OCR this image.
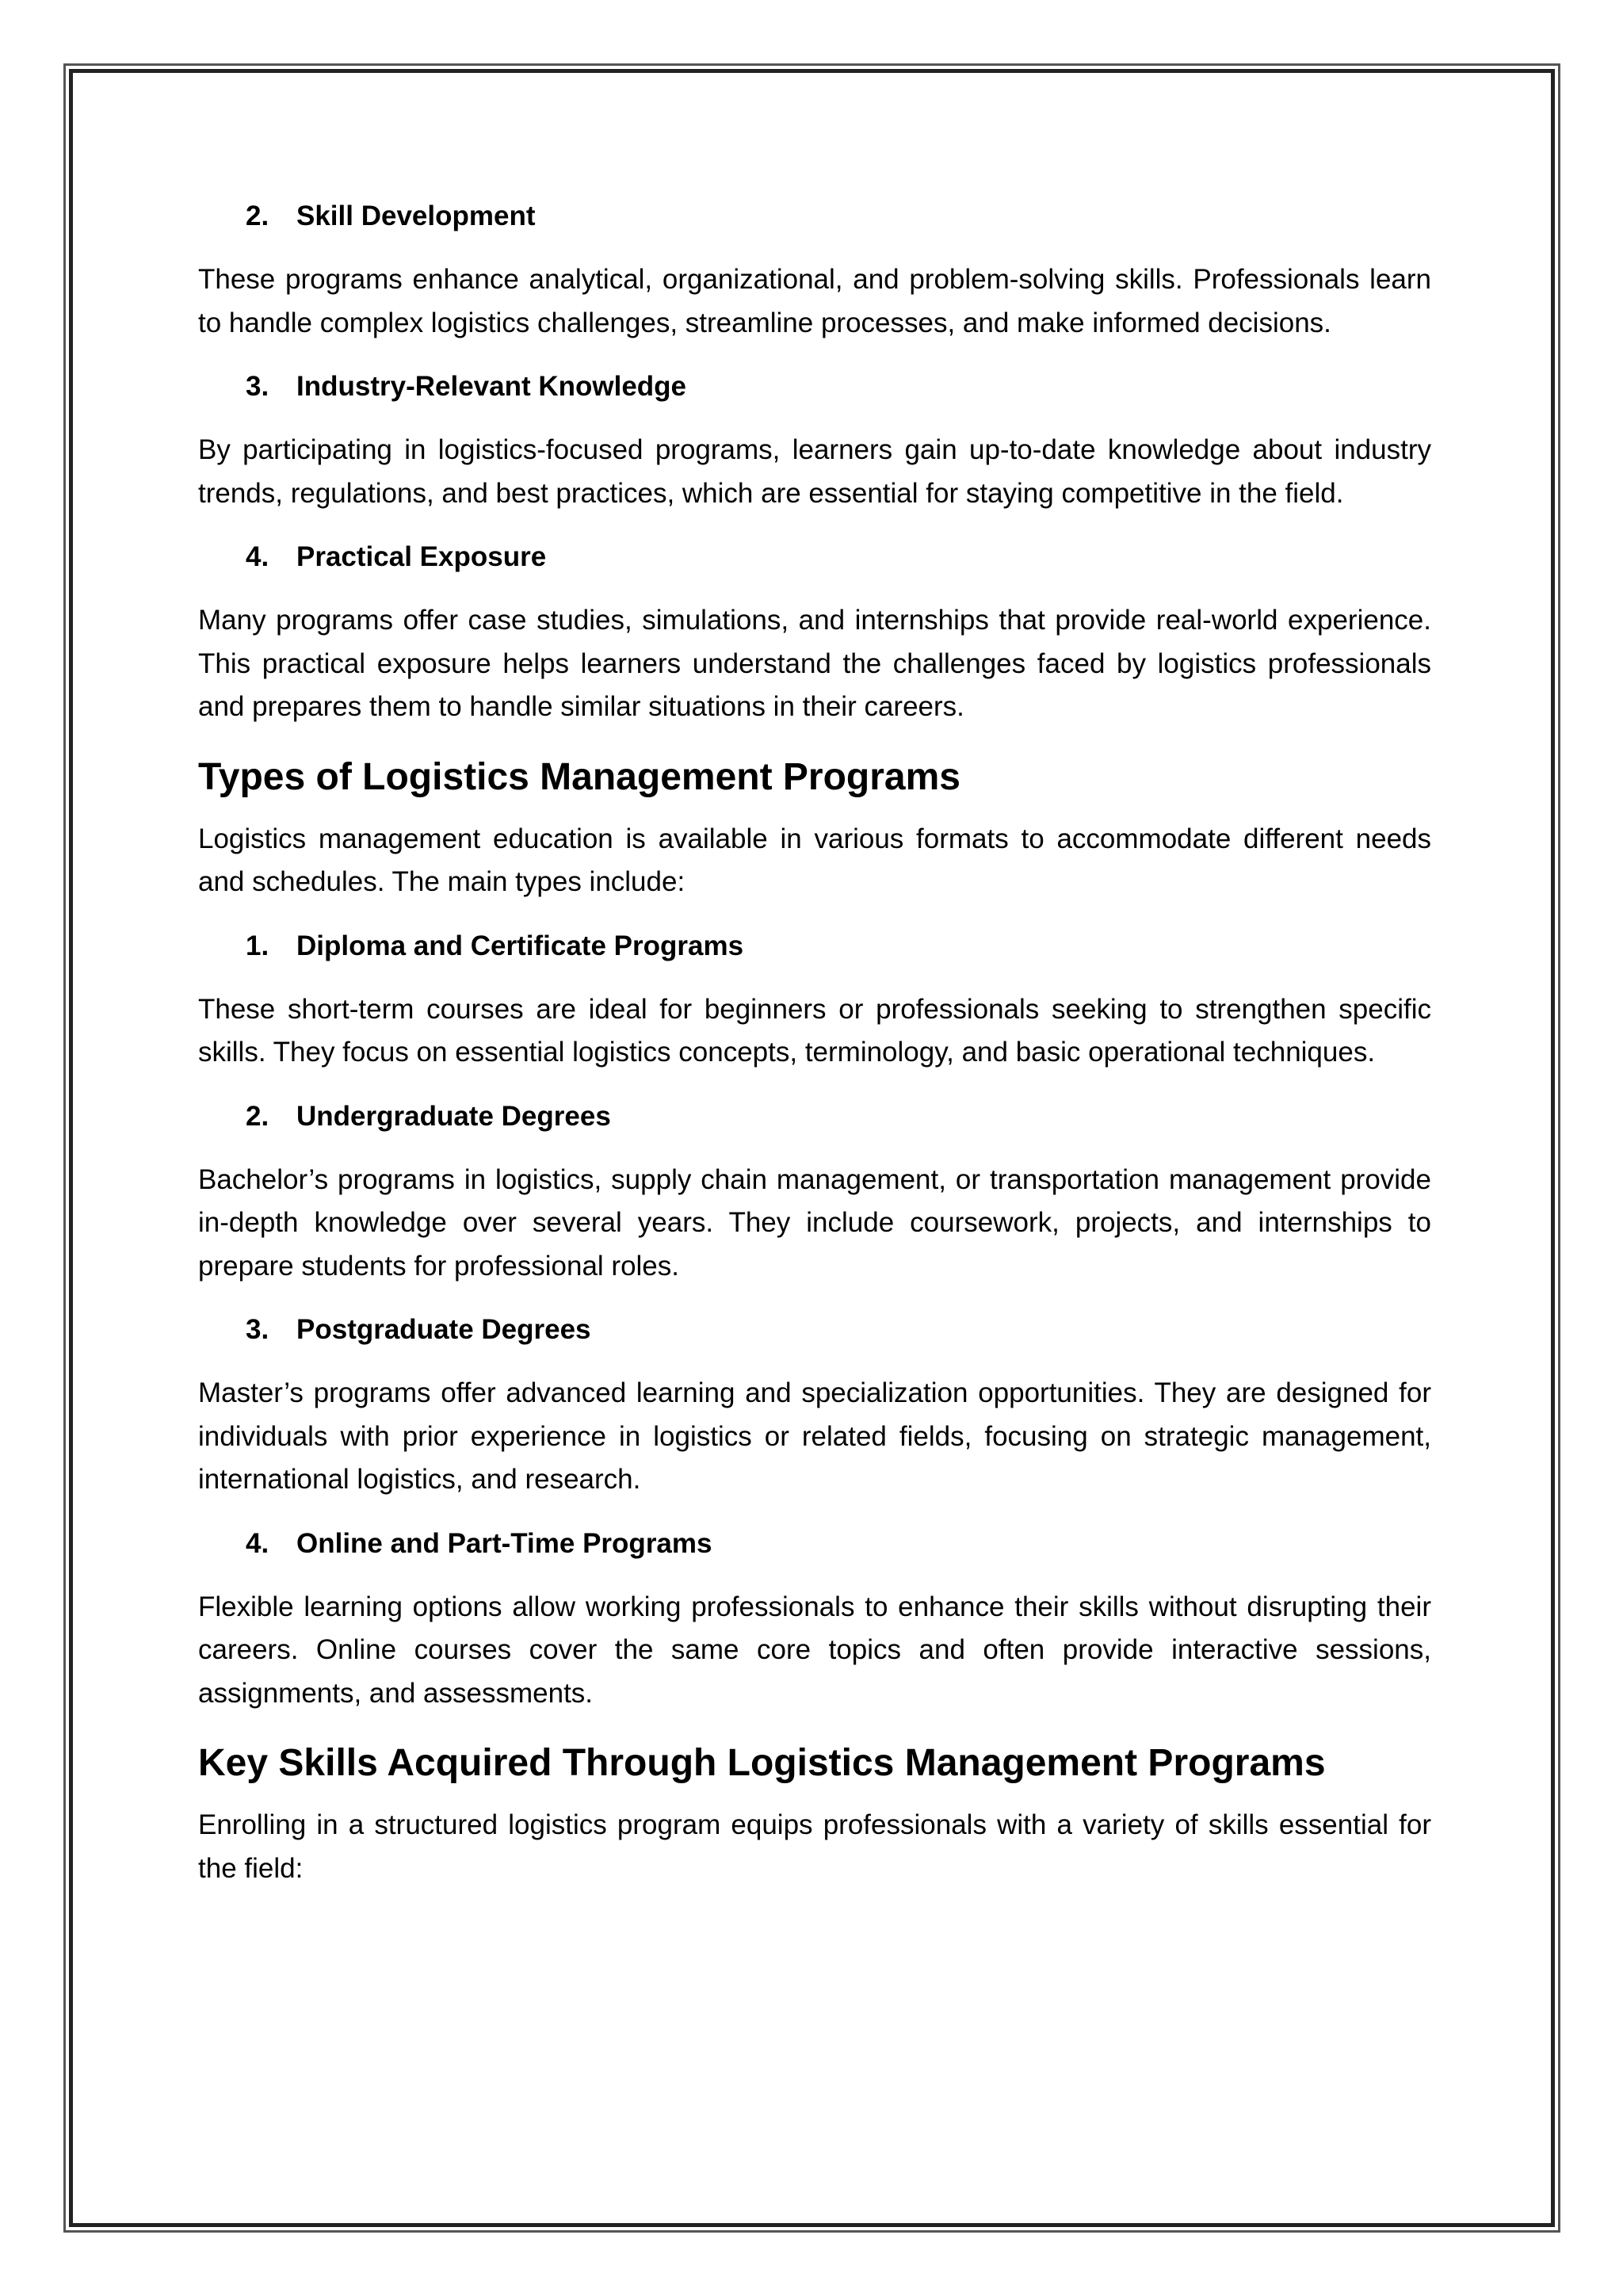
2. Skill Development

These programs enhance analytical, organizational, and problem-solving skills. Professionals learn to handle complex logistics challenges, streamline processes, and make informed decisions.

3. Industry-Relevant Knowledge

By participating in logistics-focused programs, learners gain up-to-date knowledge about industry trends, regulations, and best practices, which are essential for staying competitive in the field.

4. Practical Exposure

Many programs offer case studies, simulations, and internships that provide real-world experience. This practical exposure helps learners understand the challenges faced by logistics professionals and prepares them to handle similar situations in their careers.

Types of Logistics Management Programs

Logistics management education is available in various formats to accommodate different needs and schedules. The main types include:

1. Diploma and Certificate Programs

These short-term courses are ideal for beginners or professionals seeking to strengthen specific skills. They focus on essential logistics concepts, terminology, and basic operational techniques.

2. Undergraduate Degrees

Bachelor’s programs in logistics, supply chain management, or transportation management provide in-depth knowledge over several years. They include coursework, projects, and internships to prepare students for professional roles.

3. Postgraduate Degrees

Master’s programs offer advanced learning and specialization opportunities. They are designed for individuals with prior experience in logistics or related fields, focusing on strategic management, international logistics, and research.

4. Online and Part-Time Programs

Flexible learning options allow working professionals to enhance their skills without disrupting their careers. Online courses cover the same core topics and often provide interactive sessions, assignments, and assessments.

Key Skills Acquired Through Logistics Management Programs

Enrolling in a structured logistics program equips professionals with a variety of skills essential for the field:
